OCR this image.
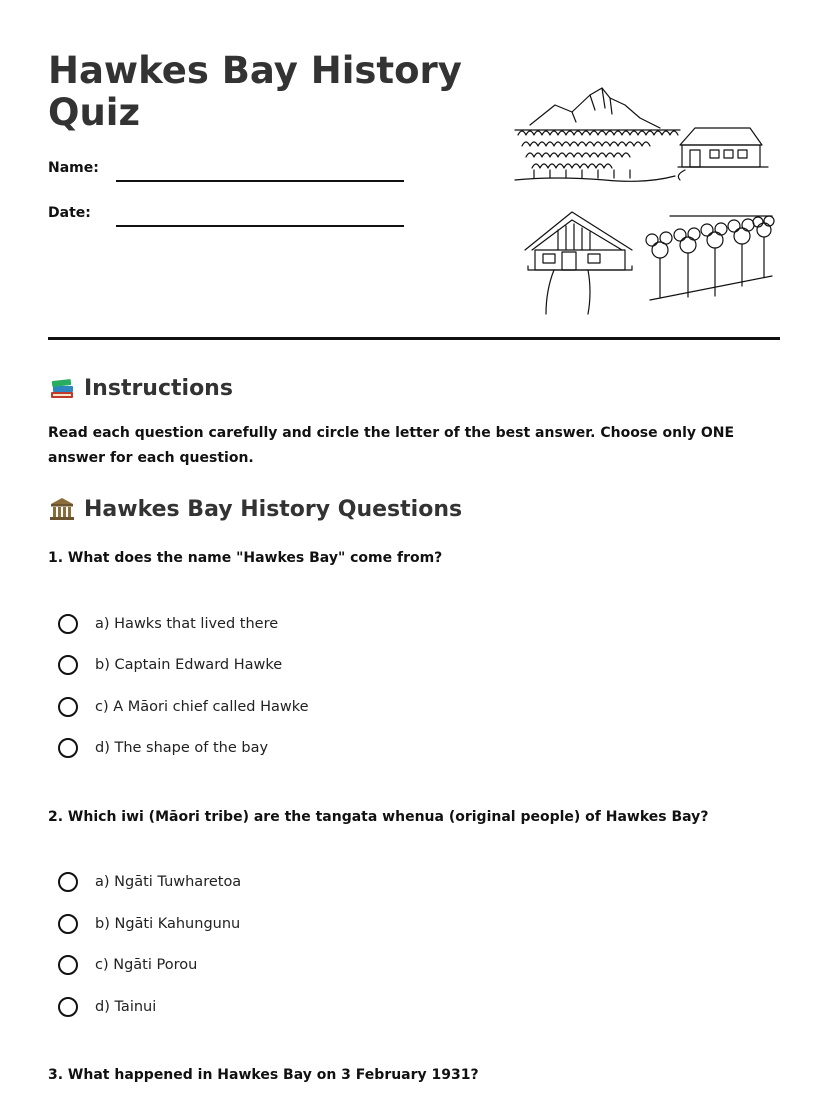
Hawkes Bay History Quiz
Name:
Date:
Instructions
Read each question carefully and circle the letter of the best answer. Choose only ONE answer for each question.
Hawkes Bay History Questions
1. What does the name "Hawkes Bay" come from?
a) Hawks that lived there
b) Captain Edward Hawke
c) A Māori chief called Hawke
d) The shape of the bay
2. Which iwi (Māori tribe) are the tangata whenua (original people) of Hawkes Bay?
a) Ngāti Tuwharetoa
b) Ngāti Kahungunu
c) Ngāti Porou
d) Tainui
3. What happened in Hawkes Bay on 3 February 1931?
